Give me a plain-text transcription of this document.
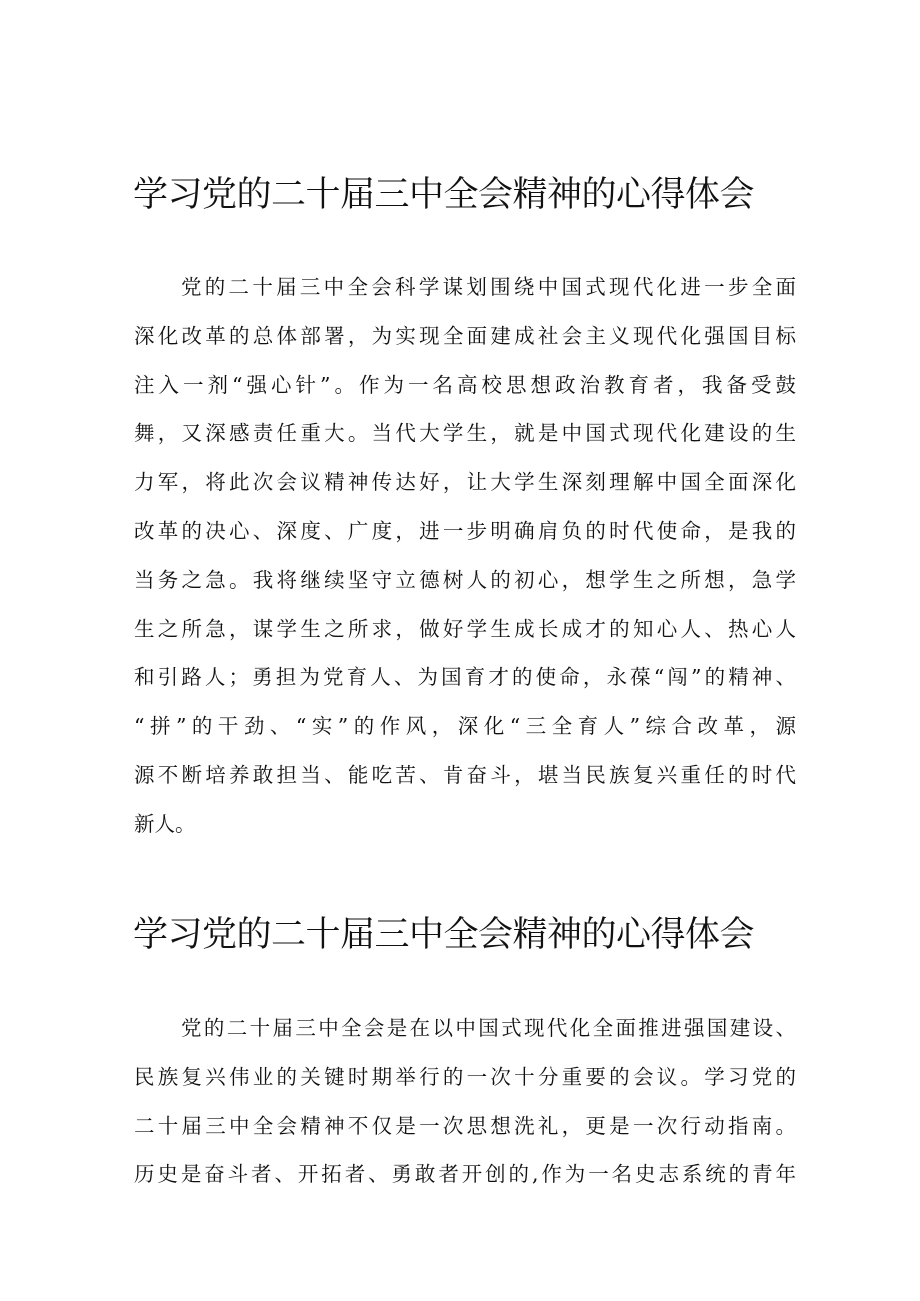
学习党的二十届三中全会精神的心得体会
党的二十届三中全会科学谋划围绕中国式现代化进一步全面
深化改革的总体部署，为实现全面建成社会主义现代化强国目标
注入一剂“强心针”。作为一名高校思想政治教育者，我备受鼓
舞，又深感责任重大。当代大学生，就是中国式现代化建设的生
力军，将此次会议精神传达好，让大学生深刻理解中国全面深化
改革的决心、深度、广度，进一步明确肩负的时代使命，是我的
当务之急。我将继续坚守立德树人的初心，想学生之所想，急学
生之所急，谋学生之所求，做好学生成长成才的知心人、热心人
和引路人；勇担为党育人、为国育才的使命，永葆“闯”的精神、
“拼”的干劲、“实”的作风，深化“三全育人”综合改革，源
源不断培养敢担当、能吃苦、肯奋斗，堪当民族复兴重任的时代
新人。
学习党的二十届三中全会精神的心得体会
党的二十届三中全会是在以中国式现代化全面推进强国建设、
民族复兴伟业的关键时期举行的一次十分重要的会议。学习党的
二十届三中全会精神不仅是一次思想洗礼，更是一次行动指南。
历史是奋斗者、开拓者、勇敢者开创的,作为一名史志系统的青年
